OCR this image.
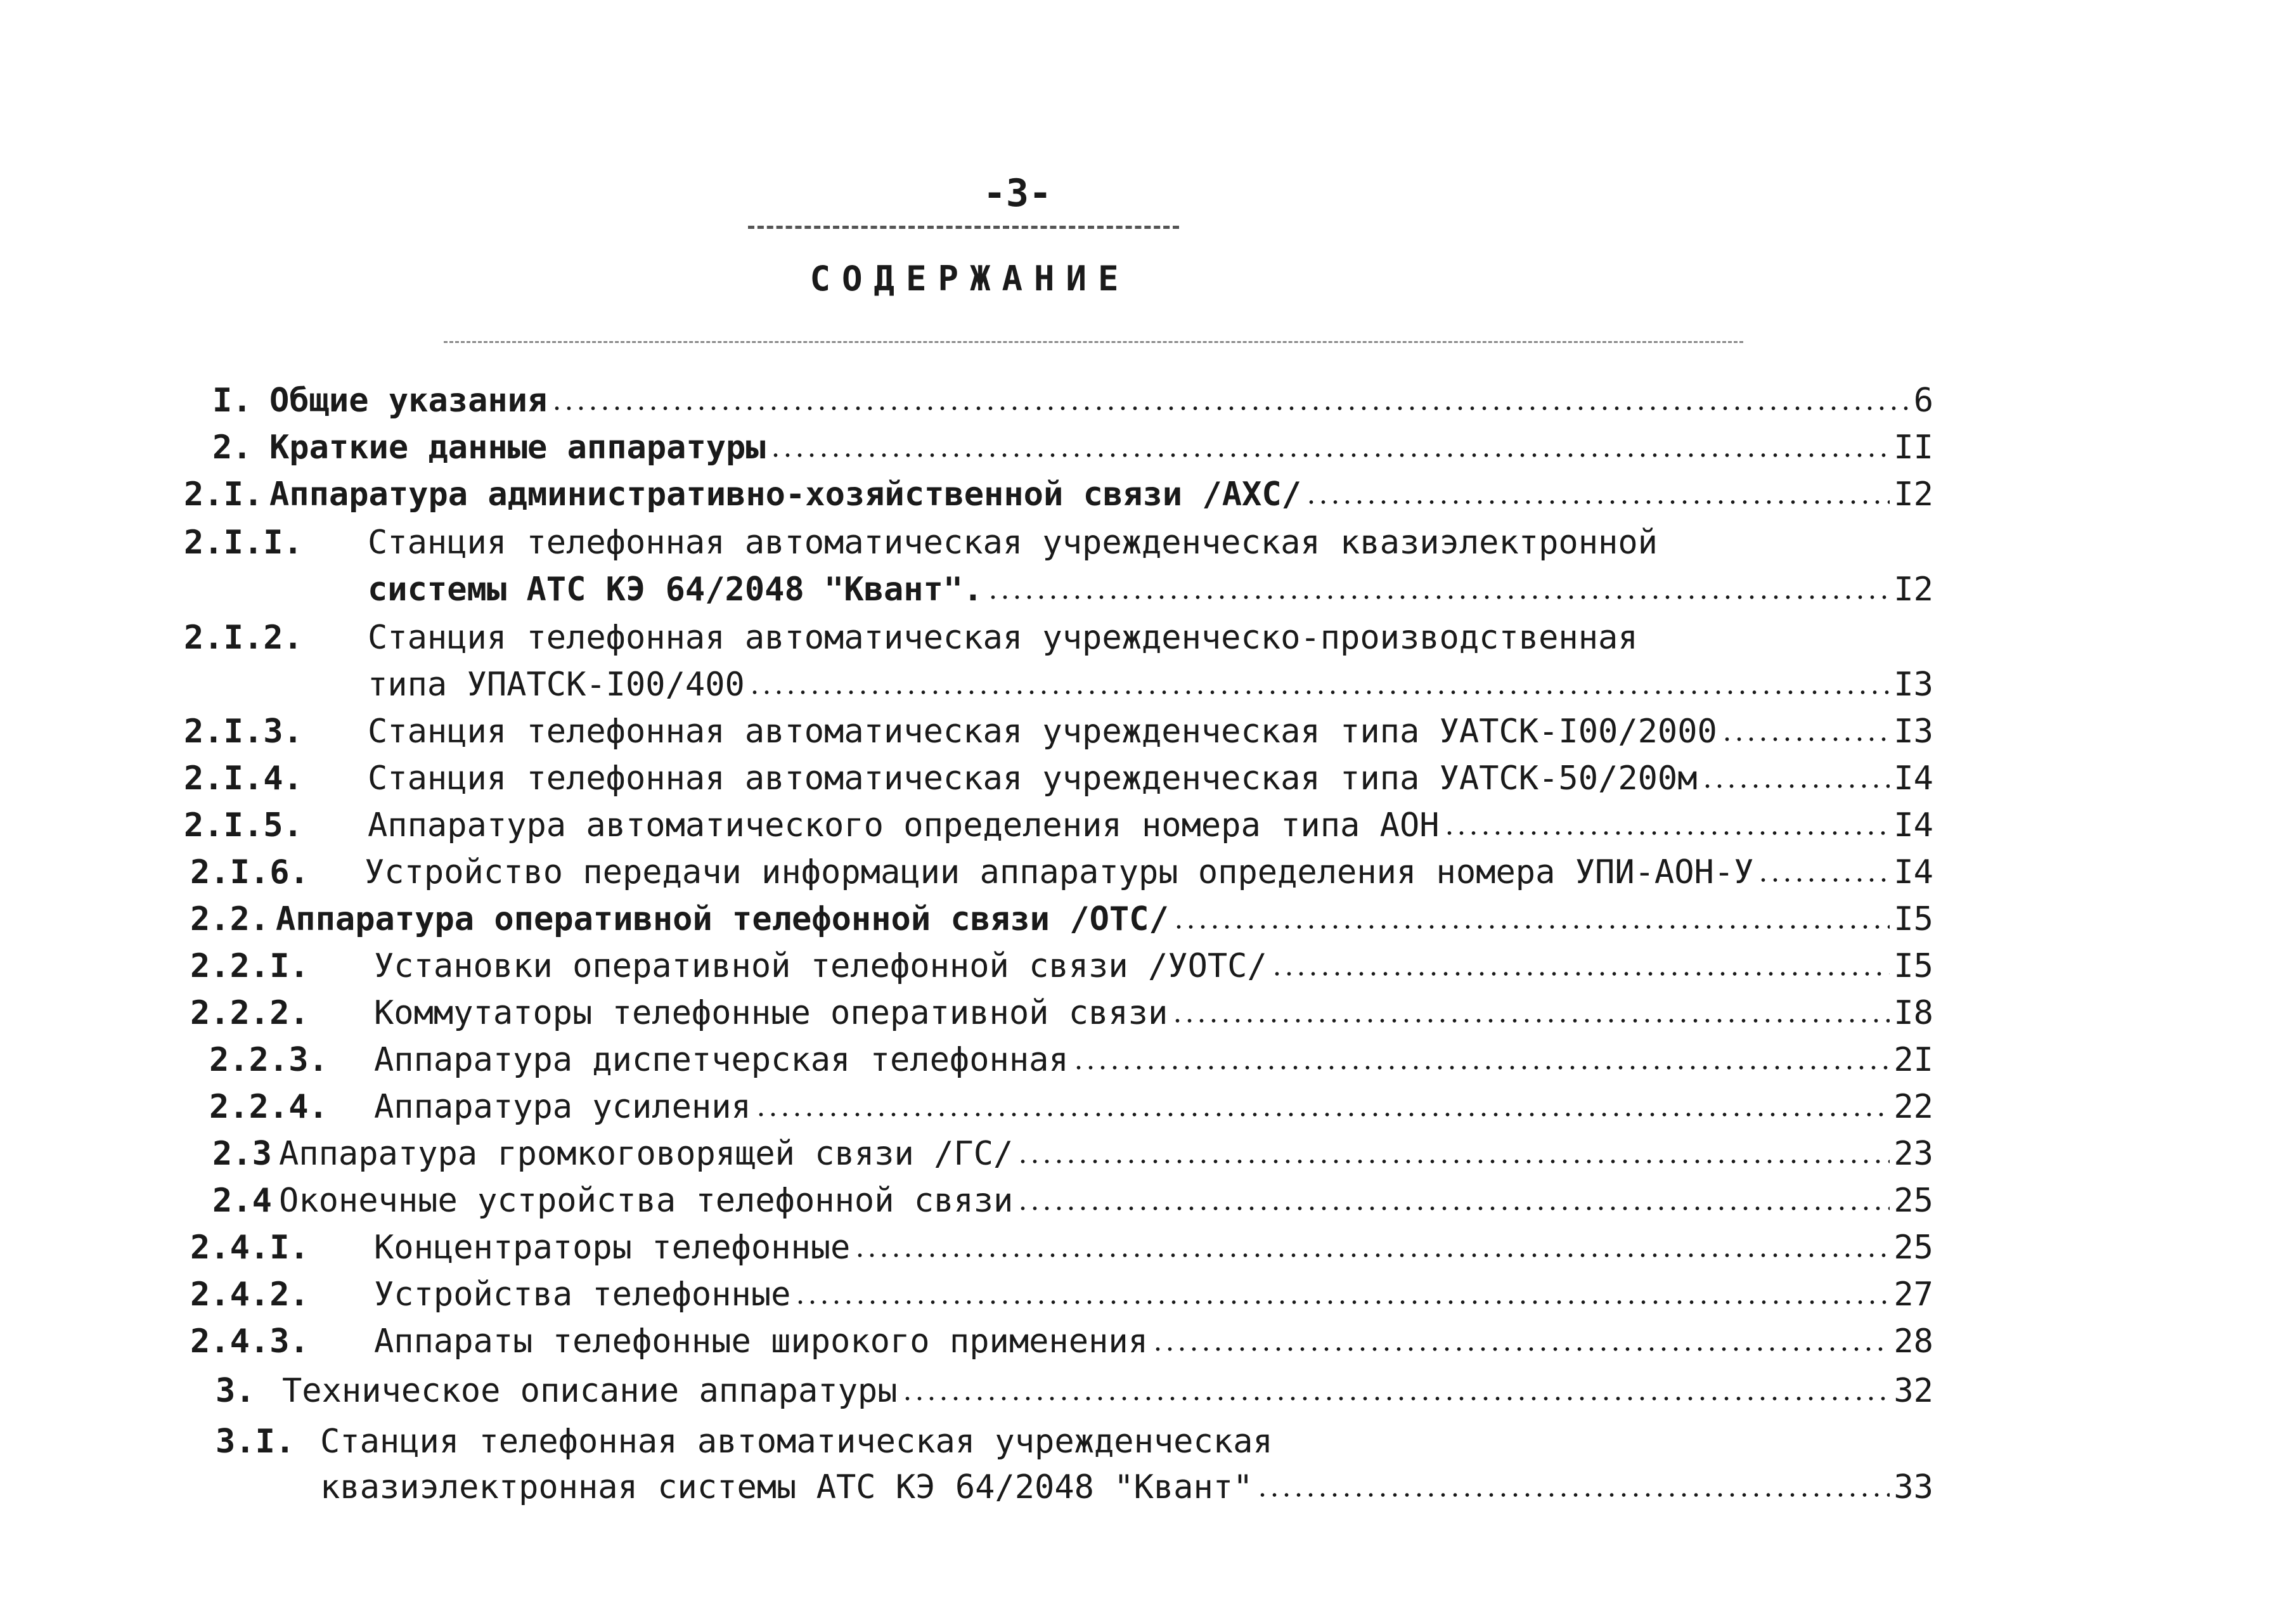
-3-
СОДЕРЖАНИЕ
I. Общие указания	6
2. Краткие данные аппаратуры	II
2.I. Аппаратура административно-хозяйственной связи /АХС/	I2
2.I.I. Станция телефонная автоматическая учрежденческая квазиэлектронной
системы АТС КЭ 64/2048 "Квант".	I2
2.I.2. Станция телефонная автоматическая учрежденческо-производственная
типа УПАТСК-I00/400	I3
2.I.3. Станция телефонная автоматическая учрежденческая типа УАТСК-I00/2000	I3
2.I.4. Станция телефонная автоматическая учрежденческая типа УАТСК-50/200м	I4
2.I.5. Аппаратура автоматического определения номера типа АОН	I4
2.I.6. Устройство передачи информации аппаратуры определения номера УПИ-АОН-У	I4
2.2. Аппаратура оперативной телефонной связи /ОТС/	I5
2.2.I. Установки оперативной телефонной связи /УОТС/	I5
2.2.2. Коммутаторы телефонные оперативной связи	I8
2.2.3. Аппаратура диспетчерская телефонная	2I
2.2.4. Аппаратура усиления	22
2.3 Аппаратура громкоговорящей связи /ГС/	23
2.4 Оконечные устройства телефонной связи	25
2.4.I. Концентраторы телефонные	25
2.4.2. Устройства телефонные	27
2.4.3. Аппараты телефонные широкого применения	28
3. Техническое описание аппаратуры	32
3.I. Станция телефонная автоматическая учрежденческая
квазиэлектронная системы АТС КЭ 64/2048 "Квант"	33
